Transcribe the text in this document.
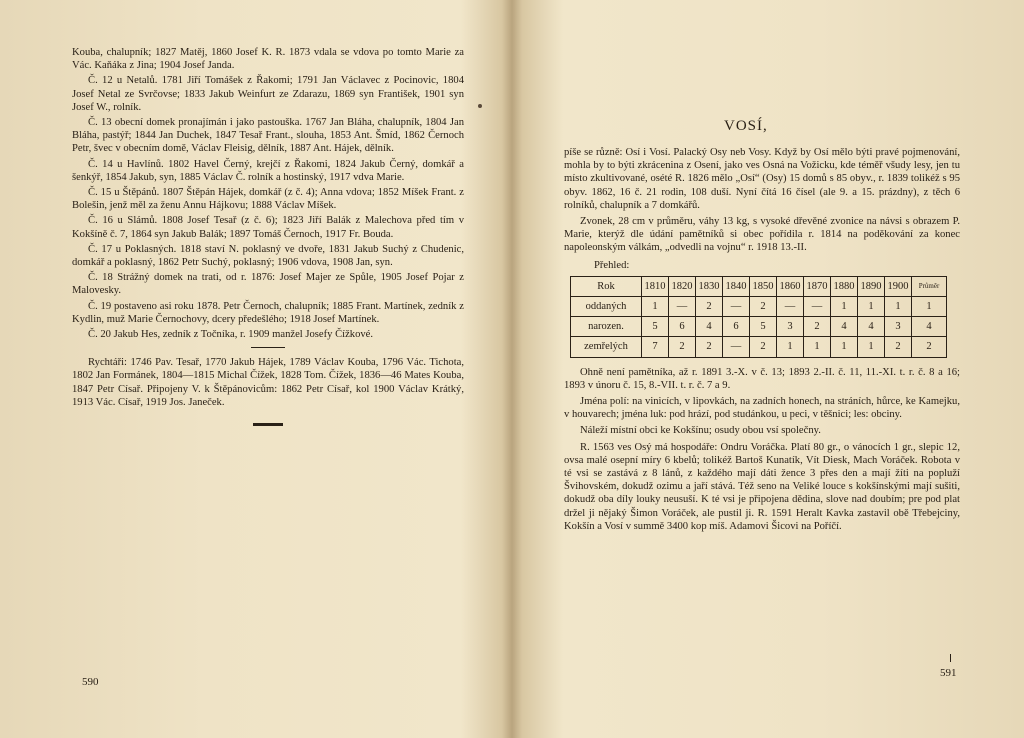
Kouba, chalupník; 1827 Matěj, 1860 Josef K. R. 1873 vdala se vdova po tomto Marie za Vác. Kaňáka z Jina; 1904 Josef Janda.

Č. 12 u Netalů. 1781 Jiří Tomášek z Řakomi; 1791 Jan Václavec z Pocinovic, 1804 Josef Netal ze Svrčovse; 1833 Jakub Weinfurt ze Zdarazu, 1869 syn František, 1901 syn Josef W., rolník.

Č. 13 obecní domek pronajímán i jako pastouška. 1767 Jan Bláha, chalupník, 1804 Jan Bláha, pastýř; 1844 Jan Duchek, 1847 Tesař Frant., slouha, 1853 Ant. Šmíd, 1862 Černoch Petr, švec v obecním domě, Václav Fleisig, dělník, 1887 Ant. Hájek, dělník.

Č. 14 u Havlínů. 1802 Havel Černý, krejčí z Řakomi, 1824 Jakub Černý, domkář a šenkýř, 1854 Jakub, syn, 1885 Václav Č. rolník a hostinský, 1917 vdva Marie.

Č. 15 u Štěpánů. 1807 Štěpán Hájek, domkář (z č. 4); Anna vdova; 1852 Míšek Frant. z Bolešin, jenž měl za ženu Annu Hájkovu; 1888 Václav Míšek.

Č. 16 u Slámů. 1808 Josef Tesař (z č. 6); 1823 Jiří Balák z Malechova před tím v Kokšíně č. 7, 1864 syn Jakub Balák; 1897 Tomáš Černoch, 1917 Fr. Bouda.

Č. 17 u Poklasných. 1818 staví N. poklasný ve dvoře, 1831 Jakub Suchý z Chudenic, domkář a poklasný, 1862 Petr Suchý, poklasný; 1906 vdova, 1908 Jan, syn.

Č. 18 Strážný domek na trati, od r. 1876: Josef Majer ze Spůle, 1905 Josef Pojar z Malovesky.

Č. 19 postaveno asi roku 1878. Petr Černoch, chalupník; 1885 Frant. Martínek, zedník z Kydlin, muž Marie Černochovy, dcery předešlého; 1918 Josef Martínek.

Č. 20 Jakub Hes, zedník z Točníka, r. 1909 manžel Josefy Čížkové.

Rychtáři: 1746 Pav. Tesař, 1770 Jakub Hájek, 1789 Václav Kouba, 1796 Vác. Tichota, 1802 Jan Formánek, 1804—1815 Michal Čížek, 1828 Tom. Čížek, 1836—46 Mates Kouba, 1847 Petr Císař. Připojeny V. k Štěpánovicům: 1862 Petr Císař, kol 1900 Václav Krátký, 1913 Vác. Císař, 1919 Jos. Janeček.

590
VOSÍ,

píše se různě: Osí i Vosí. Palacký Osy neb Vosy. Když by Osí mělo býti pravé pojmenování, mohla by to býti zkrácenina z Osení, jako ves Osná na Vožicku, kde téměř všudy lesy, jen tu místo zkultivované, osété R. 1826 mělo „Osí“ (Osy) 15 domů s 85 obyv., r. 1839 tolikéž s 95 obyv. 1862, 16 č. 21 rodin, 108 duší. Nyní čítá 16 čísel (ale 9. a 15. prázdny), z těch 6 rolníků, chalupník a 7 domkářů.

Zvonek, 28 cm v průměru, váhy 13 kg, s vysoké dřevěné zvonice na návsi s obrazem P. Marie, kterýž dle údání pamětníků si obec pořídila r. 1814 na poděkování za konec napoleonským válkám, „odvedli na vojnu“ r. 1918 13.-II.

Přehled:
Rok	1810	1820	1830	1840	1850	1860	1870	1880	1890	1900	Průměr
oddaných	1	—	2	—	2	—	—	1	1	1	1
narozen.	5	6	4	6	5	3	2	4	4	3	4
zemřelých	7	2	2	—	2	1	1	1	1	2	2

Ohně není pamětníka, až r. 1891 3.-X. v č. 13; 1893 2.-II. č. 11, 11.-XI. t. r. č. 8 a 16; 1893 v únoru č. 15, 8.-VII. t. r. č. 7 a 9.

Jména polí: na vinicích, v lipovkách, na zadních honech, na stráních, hůrce, ke Kamejku, v houvarech; jména luk: pod hrází, pod studánkou, u peci, v těšnici; les: obciny.

Náleží místní obci ke Kokšínu; osudy obou vsí společny.

R. 1563 ves Osý má hospodáře: Ondru Voráčka. Platí 80 gr., o vánocích 1 gr., slepic 12, ovsa malé osepní míry 6 kbelů; tolikéž Bartoš Kunatík, Vít Diesk, Mach Voráček. Robota v té vsi se zastává z 8 lánů, z každého mají dáti žence 3 přes den a mají žíti na popluží Švihovském, dokudž ozimu a jaří stává. Též seno na Veliké louce s kokšínskými mají sušiti, dokudž oba díly louky neusuší. K té vsi je připojena dědina, slove nad doubím; pre pod plat držel ji nějaký Šimon Voráček, ale pustil ji. R. 1591 Heralt Kavka zastavil obě Třebejciny, Kokšín a Vosí v summě 3400 kop míš. Adamovi Šicovi na Poříčí.

591
